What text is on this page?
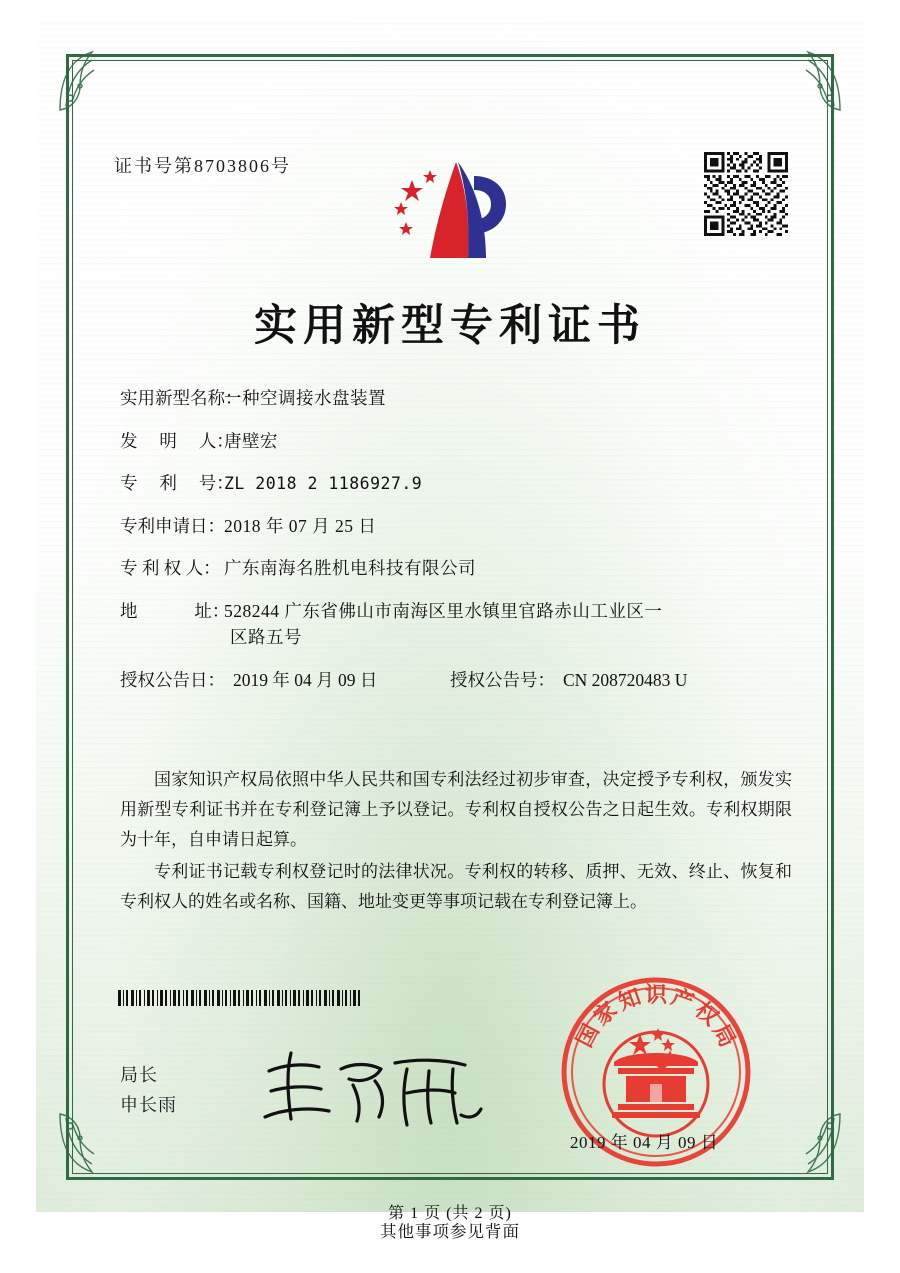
证书号第8703806号
实用新型专利证书
实用新型名称：
一种空调接水盘装置
发　 明 　人：
唐壁宏
专　 利 　号：
ZL 2018 2 1186927.9
专利申请日： 2018 年 07 月 25 日
专 利 权 人： 广东南海名胜机电科技有限公司
地　　 　址：
528244 广东省佛山市南海区里水镇里官路赤山工业区一
区路五号
授权公告日： 2019 年 04 月 09 日	授权公告号： CN 208720483 U

国家知识产权局依照中华人民共和国专利法经过初步审查，决定授予专利权，颁发实用新型专利证书并在专利登记簿上予以登记。专利权自授权公告之日起生效。专利权期限为十年，自申请日起算。

专利证书记载专利权登记时的法律状况。专利权的转移、质押、无效、终止、恢复和专利权人的姓名或名称、国籍、地址变更等事项记载在专利登记簿上。

局长
申长雨
国
家
知 识 产
权
局
2019 年 04 月 09 日
第 1 页 (共 2 页)
其他事项参见背面
